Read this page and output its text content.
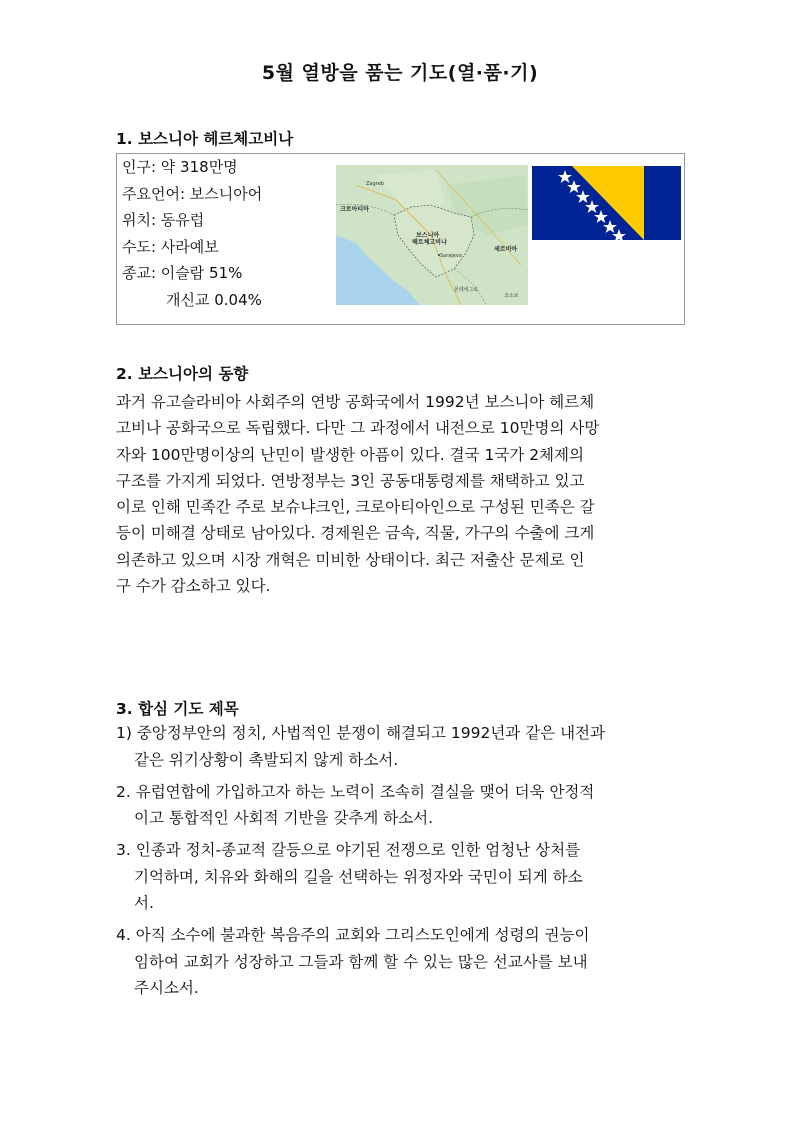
5월 열방을 품는 기도(열·품·기)
1. 보스니아 헤르체고비나
인구: 약 318만명
주요언어: 보스니아어
위치: 동유럽
수도: 사라예보
종교: 이슬람 51%
개신교 0.04%
Zagreb
크로아티아
보스니아
헤르체고비나
Sarajevo
세르비아
몬테네그로
코소보
2. 보스니아의 동향
과거 유고슬라비아 사회주의 연방 공화국에서 1992년 보스니아 헤르체
고비나 공화국으로 독립했다. 다만 그 과정에서 내전으로 10만명의 사망
자와 100만명이상의 난민이 발생한 아픔이 있다. 결국 1국가 2체제의
구조를 가지게 되었다. 연방정부는 3인 공동대통령제를 채택하고 있고
이로 인해 민족간 주로 보슈냐크인, 크로아티아인으로 구성된 민족은 갈
등이 미해결 상태로 남아있다. 경제원은 금속, 직물, 가구의 수출에 크게
의존하고 있으며 시장 개혁은 미비한 상태이다. 최근 저출산 문제로 인
구 수가 감소하고 있다.
3. 합심 기도 제목
1) 중앙정부안의 정치, 사법적인 분쟁이 해결되고 1992년과 같은 내전과
같은 위기상황이 촉발되지 않게 하소서.
2. 유럽연합에 가입하고자 하는 노력이 조속히 결실을 맺어 더욱 안정적
이고 통합적인 사회적 기반을 갖추게 하소서.
3. 인종과 정치-종교적 갈등으로 야기된 전쟁으로 인한 엄청난 상처를
기억하며, 치유와 화해의 길을 선택하는 위정자와 국민이 되게 하소
서.
4. 아직 소수에 불과한 복음주의 교회와 그리스도인에게 성령의 권능이
임하여 교회가 성장하고 그들과 함께 할 수 있는 많은 선교사를 보내
주시소서.
